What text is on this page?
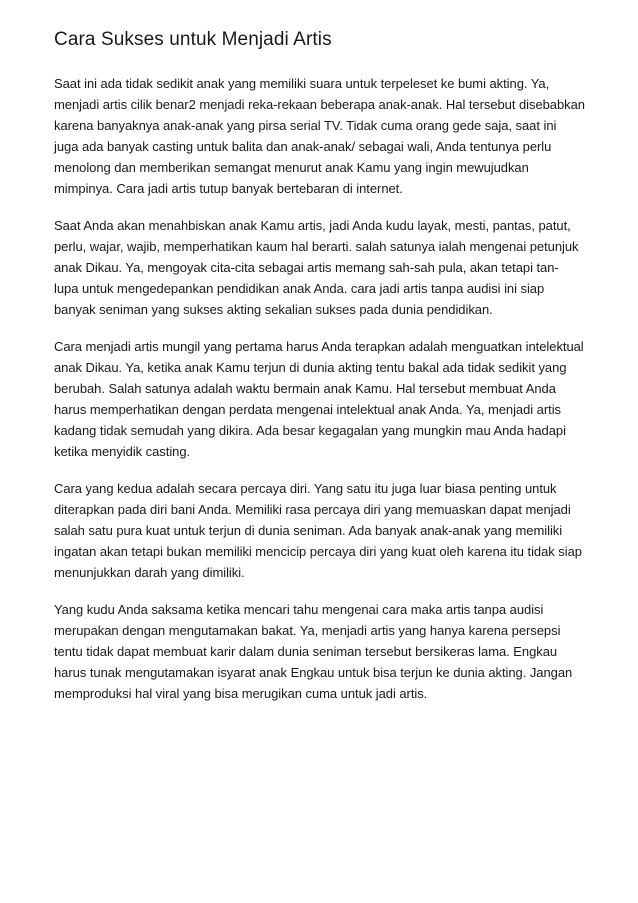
Cara Sukses untuk Menjadi Artis

Saat ini ada tidak sedikit anak yang memiliki suara untuk terpeleset ke bumi akting. Ya,
menjadi artis cilik benar2 menjadi reka-rekaan beberapa anak-anak. Hal tersebut disebabkan
karena banyaknya anak-anak yang pirsa serial TV. Tidak cuma orang gede saja, saat ini
juga ada banyak casting untuk balita dan anak-anak/ sebagai wali, Anda tentunya perlu
menolong dan memberikan semangat menurut anak Kamu yang ingin mewujudkan
mimpinya. Cara jadi artis tutup banyak bertebaran di internet.

Saat Anda akan menahbiskan anak Kamu artis, jadi Anda kudu layak, mesti, pantas, patut,
perlu, wajar, wajib, memperhatikan kaum hal berarti. salah satunya ialah mengenai petunjuk
anak Dikau. Ya, mengoyak cita-cita sebagai artis memang sah-sah pula, akan tetapi tan-
lupa untuk mengedepankan pendidikan anak Anda. cara jadi artis tanpa audisi ini siap
banyak seniman yang sukses akting sekalian sukses pada dunia pendidikan.

Cara menjadi artis mungil yang pertama harus Anda terapkan adalah menguatkan intelektual
anak Dikau. Ya, ketika anak Kamu terjun di dunia akting tentu bakal ada tidak sedikit yang
berubah. Salah satunya adalah waktu bermain anak Kamu. Hal tersebut membuat Anda
harus memperhatikan dengan perdata mengenai intelektual anak Anda. Ya, menjadi artis
kadang tidak semudah yang dikira. Ada besar kegagalan yang mungkin mau Anda hadapi
ketika menyidik casting.

Cara yang kedua adalah secara percaya diri. Yang satu itu juga luar biasa penting untuk
diterapkan pada diri bani Anda. Memiliki rasa percaya diri yang memuaskan dapat menjadi
salah satu pura kuat untuk terjun di dunia seniman. Ada banyak anak-anak yang memiliki
ingatan akan tetapi bukan memiliki mencicip percaya diri yang kuat oleh karena itu tidak siap
menunjukkan darah yang dimiliki.

Yang kudu Anda saksama ketika mencari tahu mengenai cara maka artis tanpa audisi
merupakan dengan mengutamakan bakat. Ya, menjadi artis yang hanya karena persepsi
tentu tidak dapat membuat karir dalam dunia seniman tersebut bersikeras lama. Engkau
harus tunak mengutamakan isyarat anak Engkau untuk bisa terjun ke dunia akting. Jangan
memproduksi hal viral yang bisa merugikan cuma untuk jadi artis.
